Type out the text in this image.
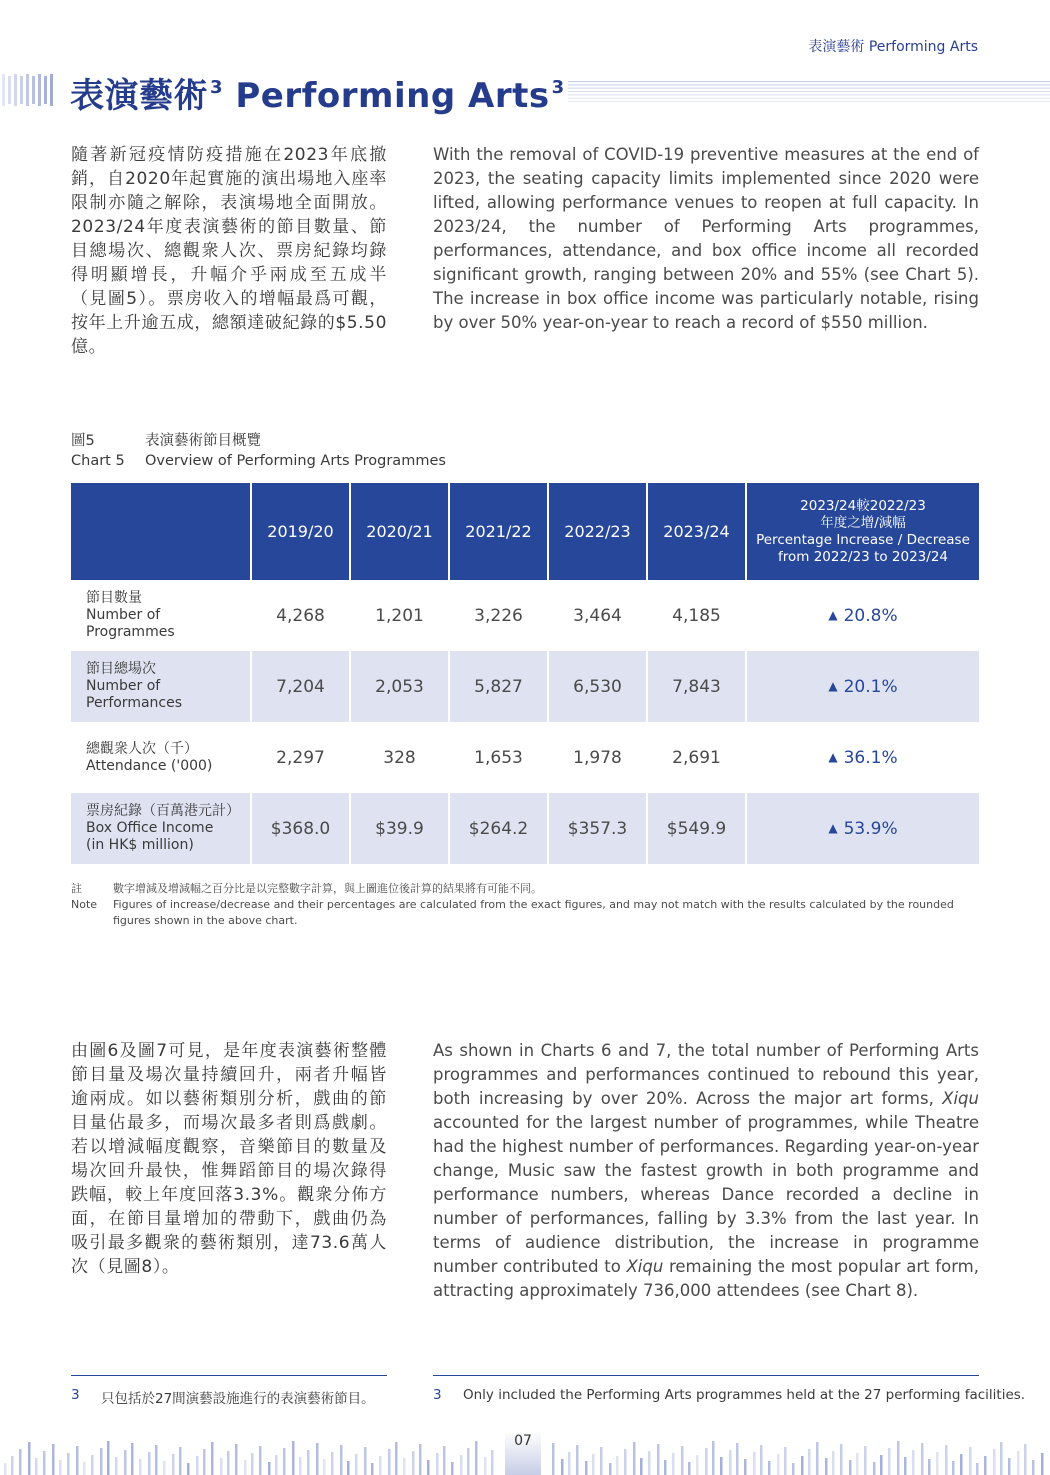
表演藝術 Performing Arts
表演藝術 $^3$ Performing Arts $^3$

隨著新冠疫情防疫措施在2023年底撤銷，自2020年起實施的演出場地入座率限制亦隨之解除，表演場地全面開放。2023/24年度表演藝術的節目數量、節目總場次、總觀衆人次、票房紀錄均錄得明顯增長，升幅介乎兩成至五成半（見圖5）。票房收入的增幅最爲可觀，按年上升逾五成，總額達破紀錄的$5.50億。

With the removal of COVID-19 preventive measures at the end of 2023, the seating capacity limits implemented since 2020 were lifted, allowing performance venues to reopen at full capacity. In 2023/24, the number of Performing Arts programmes, performances, attendance, and box office income all recorded significant growth, ranging between 20% and 55% (see Chart 5). The increase in box office income was particularly notable, rising by over 50% year-on-year to reach a record of $550 million.

圖5	表演藝術節目概覽
Chart 5	Overview of Performing Arts Programmes
	2019/20	2020/21	2021/22	2022/23	2023/24	2023/24較2022/23
年度之增/減幅
Percentage Increase / Decrease
from 2022/23 to 2023/24

節目數量
Number of
Programmes	4,268	1,201	3,226	3,464	4,185	▲ 20.8%

節目總場次
Number of
Performances	7,204	2,053	5,827	6,530	7,843	▲ 20.1%

總觀衆人次（千）
Attendance ('000)	2,297	328	1,653	1,978	2,691	▲ 36.1%

票房紀錄（百萬港元計）
Box Office Income
(in HK$ million)	$368.0	$39.9	$264.2	$357.3	$549.9	▲ 53.9%
註	數字增減及增減幅之百分比是以完整數字計算，與上圖進位後計算的結果將有可能不同。
Note	Figures of increase/decrease and their percentages are calculated from the exact figures, and may not match with the results calculated by the rounded figures shown in the above chart.

由圖6及圖7可見，是年度表演藝術整體節目量及場次量持續回升，兩者升幅皆逾兩成。如以藝術類別分析，戲曲的節目量佔最多，而場次最多者則爲戲劇。若以增減幅度觀察，音樂節目的數量及場次回升最快，惟舞蹈節目的場次錄得跌幅，較上年度回落3.3%。觀衆分佈方面，在節目量增加的帶動下，戲曲仍為吸引最多觀衆的藝術類別，達73.6萬人次（見圖8）。

As shown in Charts 6 and 7, the total number of Performing Arts programmes and performances continued to rebound this year, both increasing by over 20%. Across the major art forms, Xiqu accounted for the largest number of programmes, while Theatre had the highest number of performances. Regarding year-on-year change, Music saw the fastest growth in both programme and performance numbers, whereas Dance recorded a decline in number of performances, falling by 3.3% from the last year. In terms of audience distribution, the increase in programme number contributed to Xiqu remaining the most popular art form, attracting approximately 736,000 attendees (see Chart 8).

3	只包括於27間演藝設施進行的表演藝術節目。	3	Only included the Performing Arts programmes held at the 27 performing facilities.
07
